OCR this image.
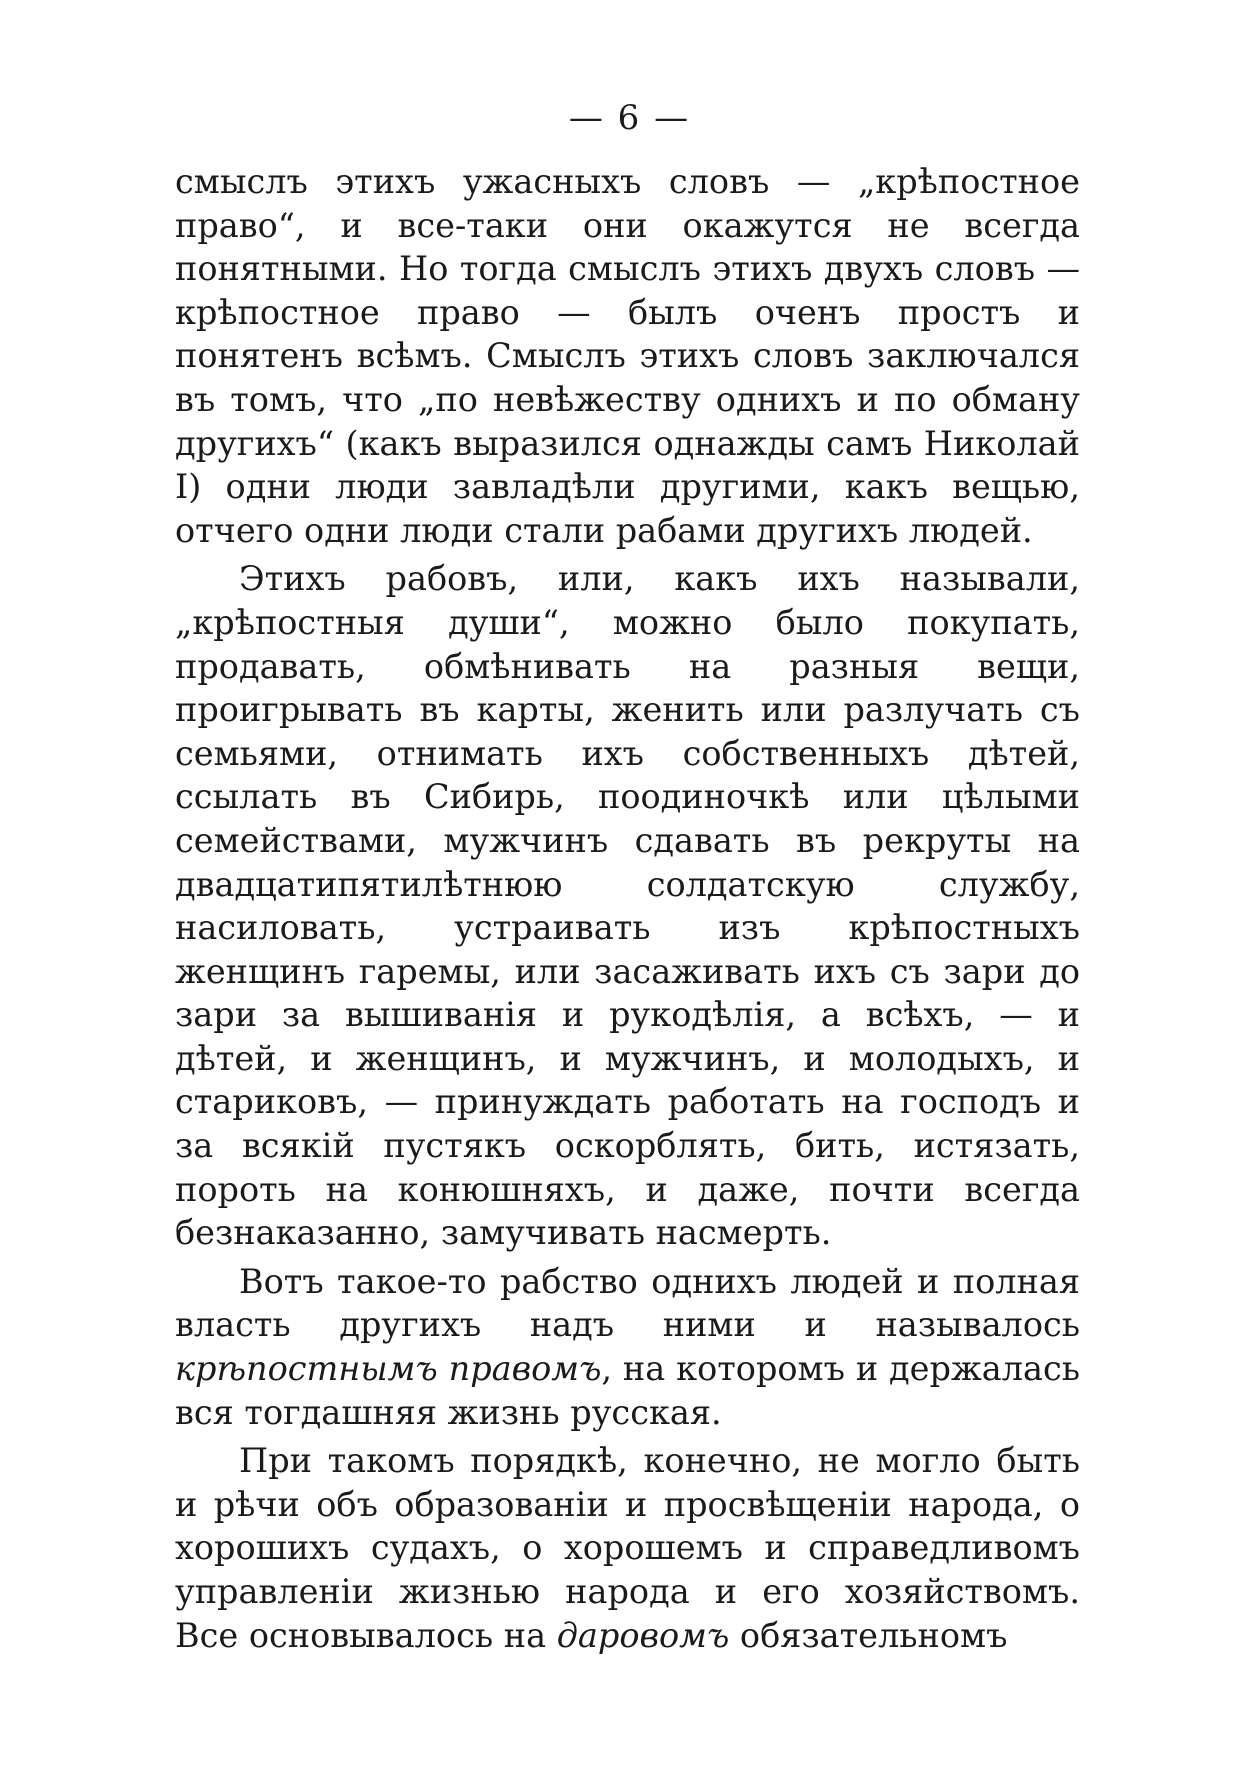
— 6 —

смыслъ этихъ ужасныхъ словъ — „крѣпостное право“, и все-таки они окажутся не всегда понятными. Но тогда смыслъ этихъ двухъ словъ — крѣпостное право — былъ оченъ простъ и понятенъ всѣмъ. Смыслъ этихъ словъ заключался въ томъ, что „по невѣжеству однихъ и по обману другихъ“ (какъ выразился однажды самъ Николай I) одни люди завладѣли другими, какъ вещью, отчего одни люди стали рабами другихъ людей.

Этихъ рабовъ, или, какъ ихъ называли, „крѣпостныя души“, можно было покупать, продавать, обмѣнивать на разныя вещи, проигрывать въ карты, женить или разлучать съ семьями, отнимать ихъ собственныхъ дѣтей, ссылать въ Сибирь, поодиночкѣ или цѣлыми семействами, мужчинъ сдавать въ рекруты на двадцатипятилѣтнюю солдатскую службу, насиловать, устраивать изъ крѣпостныхъ женщинъ гаремы, или засаживать ихъ съ зари до зари за вышиванія и рукодѣлія, а всѣхъ, — и дѣтей, и женщинъ, и мужчинъ, и молодыхъ, и стариковъ, — принуждать работать на господъ и за всякій пустякъ оскорблять, бить, истязать, пороть на конюшняхъ, и даже, почти всегда безнаказанно, замучивать насмерть.

Вотъ такое-то рабство однихъ людей и полная власть другихъ надъ ними и называлось крѣпостнымъ правомъ, на которомъ и держалась вся тогдашняя жизнь русская.

При такомъ порядкѣ, конечно, не могло быть и рѣчи объ образованіи и просвѣщеніи народа, о хорошихъ судахъ, о хорошемъ и справедливомъ управленіи жизнью народа и его хозяйствомъ. Все основывалось на даровомъ обязательномъ
